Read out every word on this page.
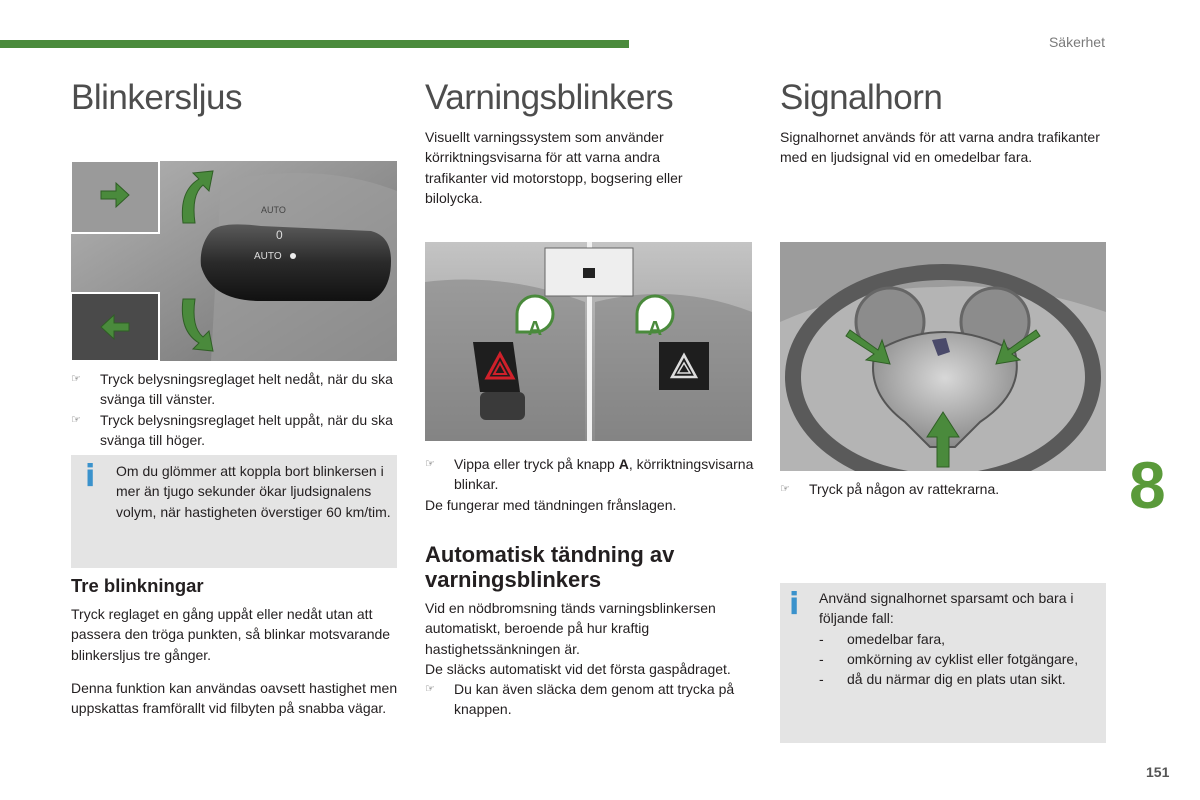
Säkerhet
Blinkersljus
0
AUTO
AUTO
☞ Tryck belysningsreglaget helt nedåt, när du ska svänga till vänster.
☞ Tryck belysningsreglaget helt uppåt, när du ska svänga till höger.
i Om du glömmer att koppla bort blinkersen i mer än tjugo sekunder ökar ljudsignalens volym, när hastigheten överstiger 60 km/tim.
Tre blinkningar
Tryck reglaget en gång uppåt eller nedåt utan att passera den tröga punkten, så blinkar motsvarande blinkersljus tre gånger.
Denna funktion kan användas oavsett hastighet men uppskattas framförallt vid filbyten på snabba vägar.
Varningsblinkers
Visuellt varningssystem som använder körriktningsvisarna för att varna andra trafikanter vid motorstopp, bogsering eller bilolycka.
A	A
☞ Vippa eller tryck på knapp A, körriktningsvisarna blinkar.
De fungerar med tändningen frånslagen.
Automatisk tändning av varningsblinkers
Vid en nödbromsning tänds varningsblinkersen automatiskt, beroende på hur kraftig hastighetssänkningen är.
De släcks automatiskt vid det första gaspådraget.
☞ Du kan även släcka dem genom att trycka på knappen.
Signalhorn
Signalhornet används för att varna andra trafikanter med en ljudsignal vid en omedelbar fara.
☞ Tryck på någon av rattekrarna.
i Använd signalhornet sparsamt och bara i följande fall:
- omedelbar fara,
- omkörning av cyklist eller fotgängare,
- då du närmar dig en plats utan sikt.
8
151
